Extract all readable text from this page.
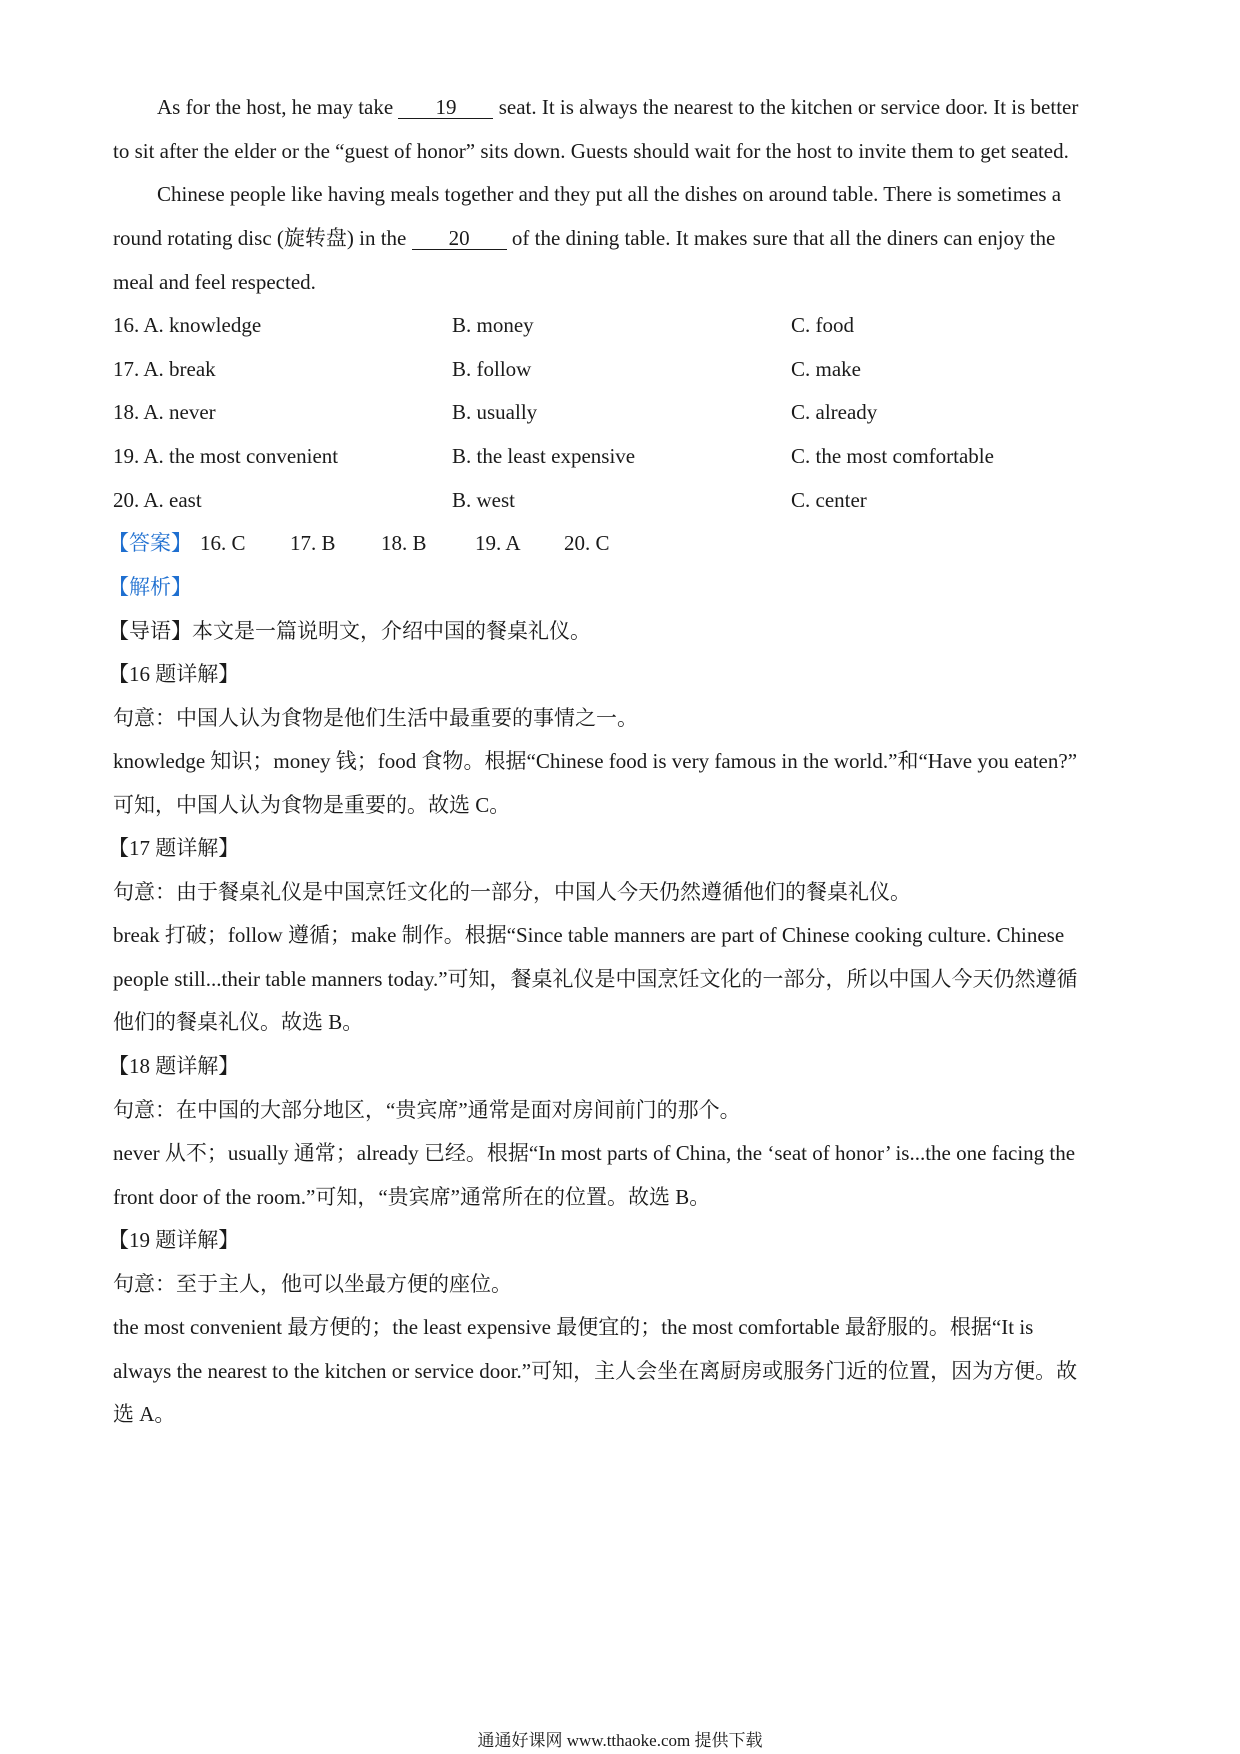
As for the host, he may take 19 seat. It is always the nearest to the kitchen or service door. It is better
to sit after the elder or the “guest of honor” sits down. Guests should wait for the host to invite them to get seated.
Chinese people like having meals together and they put all the dishes on around table. There is sometimes a
round rotating disc (旋转盘) in the 20 of the dining table. It makes sure that all the diners can enjoy the
meal and feel respected.
16. A. knowledge	B. money	C. food
17. A. break	B. follow	C. make
18. A. never	B. usually	C. already
19. A. the most convenient	B. the least expensive	C. the most comfortable
20. A. east	B. west	C. center
【答案】 16. C 17. B 18. B 19. A 20. C
【解析】
【导语】本文是一篇说明文，介绍中国的餐桌礼仪。
【16 题详解】
句意：中国人认为食物是他们生活中最重要的事情之一。
knowledge 知识；money 钱；food 食物。根据“Chinese food is very famous in the world.”和“Have you eaten?”
可知，中国人认为食物是重要的。故选 C。
【17 题详解】
句意：由于餐桌礼仪是中国烹饪文化的一部分，中国人今天仍然遵循他们的餐桌礼仪。
break 打破；follow 遵循；make 制作。根据“Since table manners are part of Chinese cooking culture. Chinese
people still...their table manners today.”可知，餐桌礼仪是中国烹饪文化的一部分，所以中国人今天仍然遵循
他们的餐桌礼仪。故选 B。
【18 题详解】
句意：在中国的大部分地区，“贵宾席”通常是面对房间前门的那个。
never 从不；usually 通常；already 已经。根据“In most parts of China, the ‘seat of honor’ is...the one facing the
front door of the room.”可知，“贵宾席”通常所在的位置。故选 B。
【19 题详解】
句意：至于主人，他可以坐最方便的座位。
the most convenient 最方便的；the least expensive 最便宜的；the most comfortable 最舒服的。根据“It is
always the nearest to the kitchen or service door.”可知，主人会坐在离厨房或服务门近的位置，因为方便。故
选 A。
通通好课网 www.tthaoke.com 提供下载
